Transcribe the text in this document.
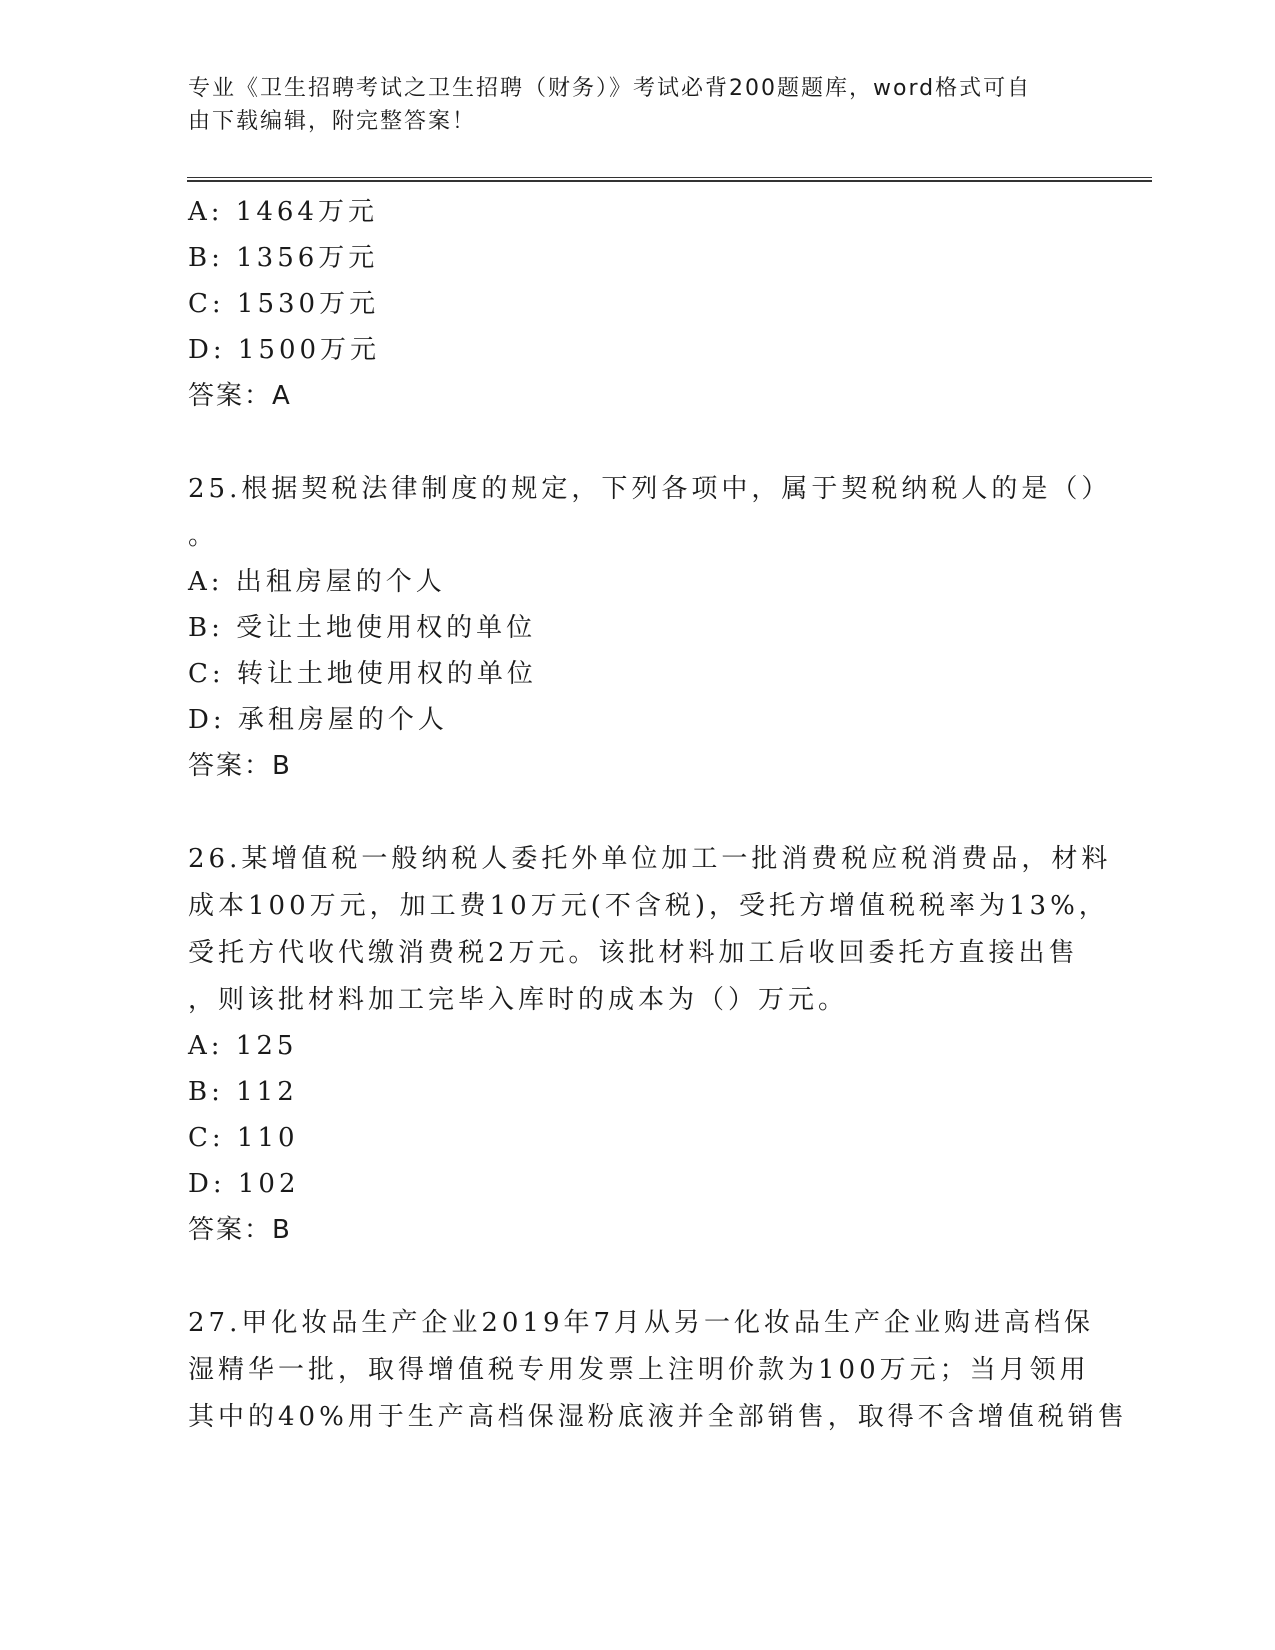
专业《卫生招聘考试之卫生招聘（财务）》考试必背200题题库，word格式可自
由下载编辑，附完整答案！
A: 1464万元
B: 1356万元
C: 1530万元
D: 1500万元
答案：A
25.根据契税法律制度的规定，下列各项中，属于契税纳税人的是（）
。
A: 出租房屋的个人
B: 受让土地使用权的单位
C: 转让土地使用权的单位
D: 承租房屋的个人
答案：B
26.某增值税一般纳税人委托外单位加工一批消费税应税消费品，材料
成本100万元，加工费10万元(不含税)，受托方增值税税率为13%，
受托方代收代缴消费税2万元。该批材料加工后收回委托方直接出售
，则该批材料加工完毕入库时的成本为（）万元。
A: 125
B: 112
C: 110
D: 102
答案：B
27.甲化妆品生产企业2019年7月从另一化妆品生产企业购进高档保
湿精华一批，取得增值税专用发票上注明价款为100万元；当月领用
其中的40%用于生产高档保湿粉底液并全部销售，取得不含增值税销售
